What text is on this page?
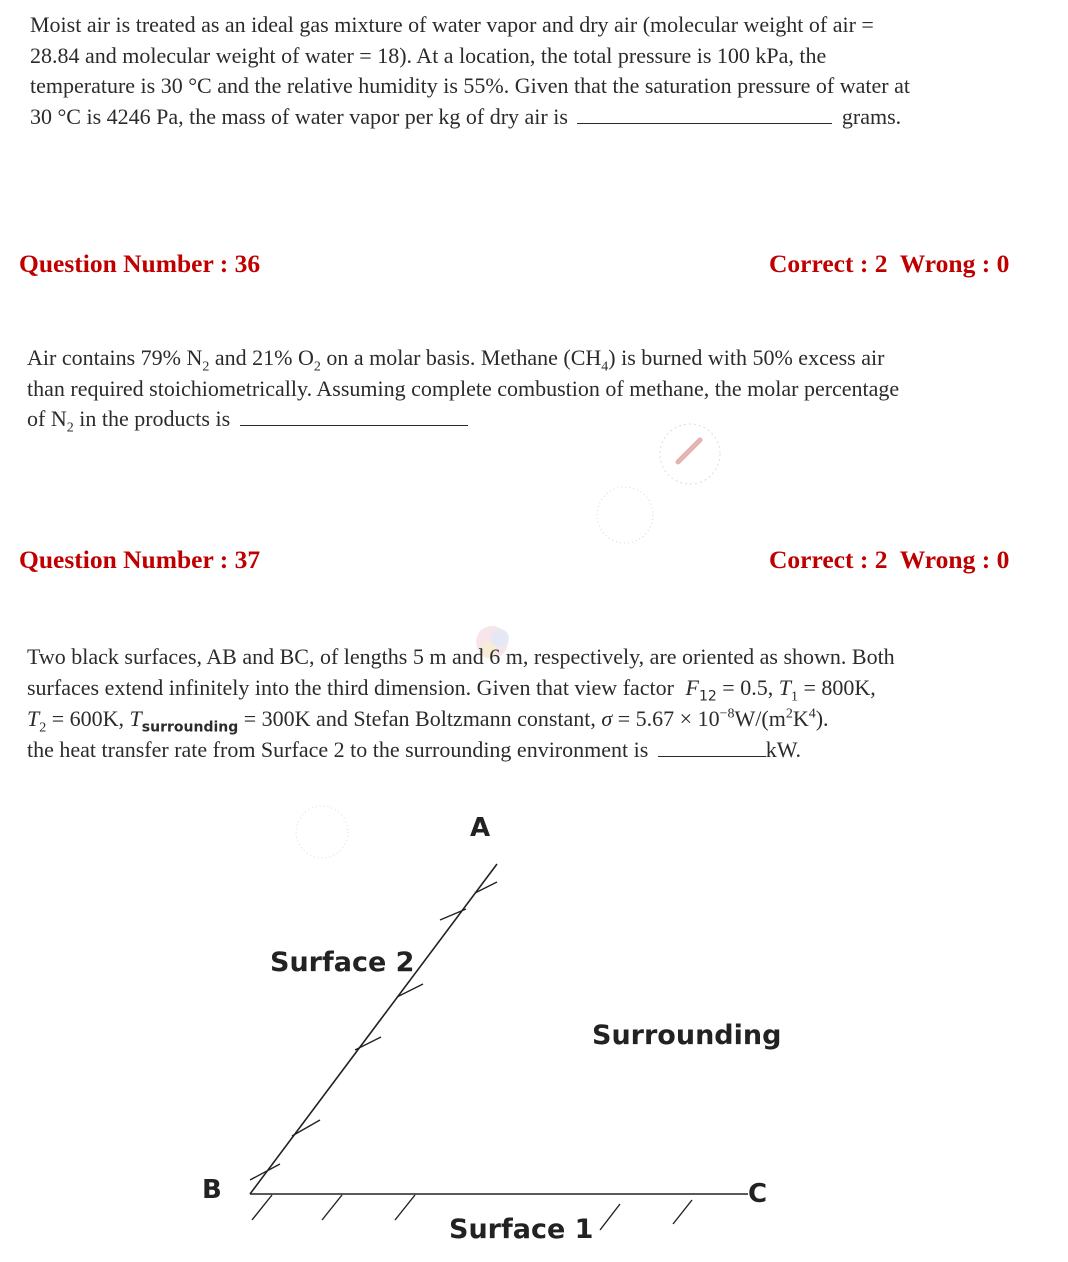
Moist air is treated as an ideal gas mixture of water vapor and dry air (molecular weight of air =
28.84 and molecular weight of water = 18). At a location, the total pressure is 100 kPa, the
temperature is 30 °C and the relative humidity is 55%. Given that the saturation pressure of water at
30 °C is 4246 Pa, the mass of water vapor per kg of dry air is	grams.
Question Number : 36	Correct : 2 Wrong : 0
Air contains 79% $N_2$ and 21% $O_2$ on a molar basis. Methane $(CH_4)$ is burned with 50% excess air
than required stoichiometrically. Assuming complete combustion of methane, the molar percentage
of $N_2$ in the products is
Question Number : 37	Correct : 2 Wrong : 0
Two black surfaces, AB and BC, of lengths 5 m and 6 m, respectively, are oriented as shown. Both
surfaces extend infinitely into the third dimension. Given that view factor $F_{12} = 0.5$, $T_1 = 800K$,
$T_2 = 600K$, $T_{surrounding} = 300K$ and Stefan Boltzmann constant, $\sigma = 5.67 \times 10^{-8}W/(m^2K^4)$.
the heat transfer rate from Surface 2 to the surrounding environment is	kW.
A
B	C
Surface 2
Surrounding
Surface 1
